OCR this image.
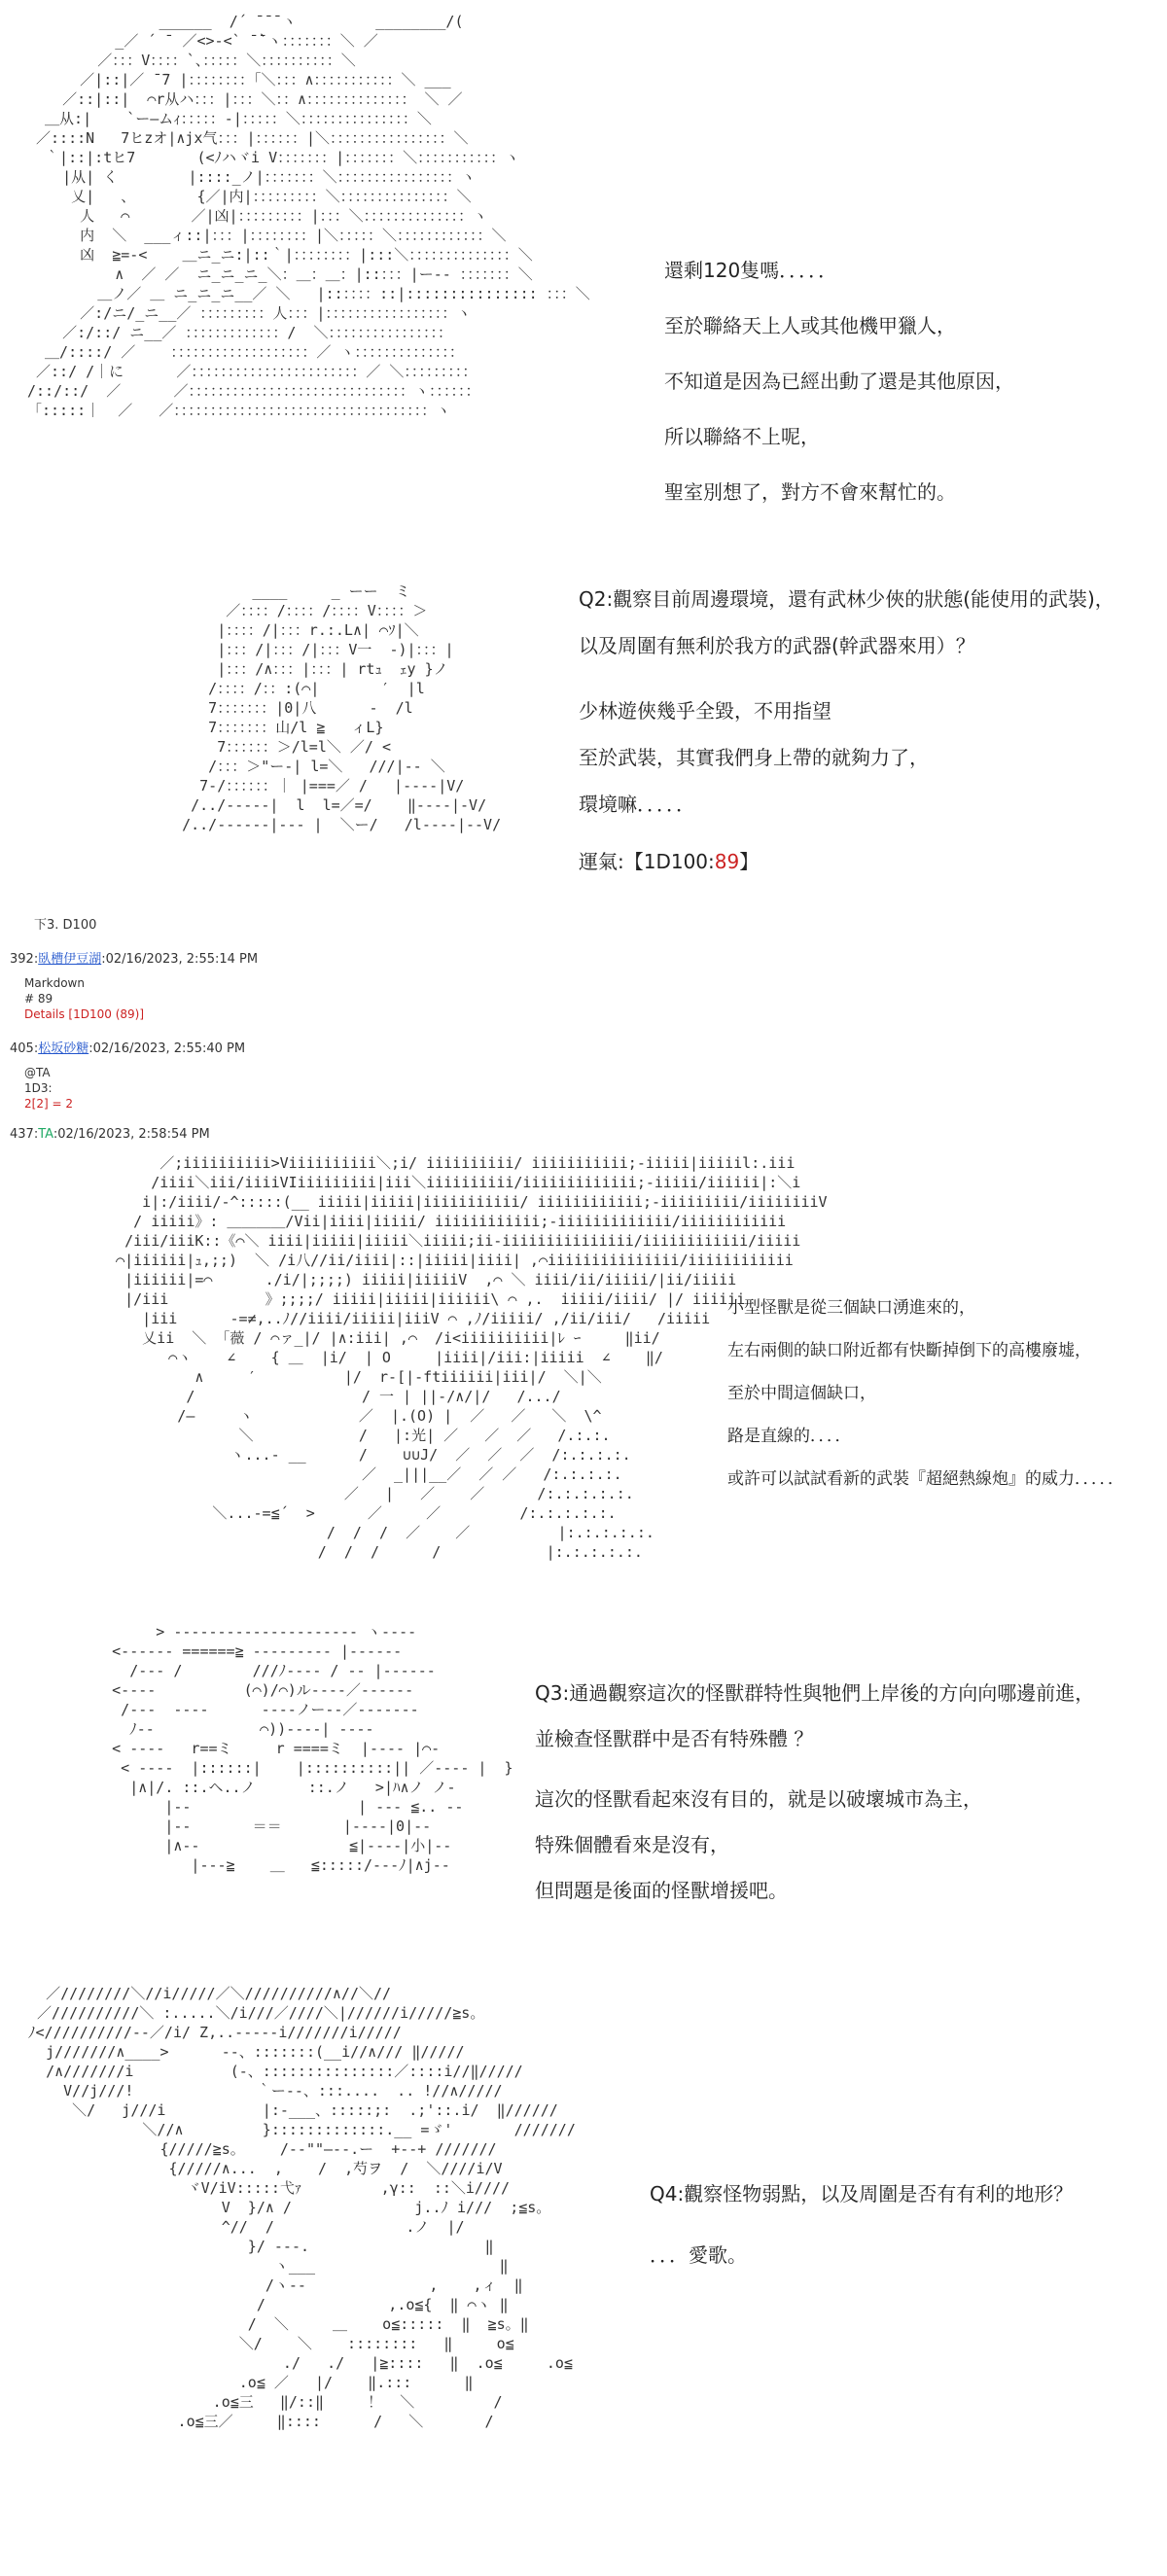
______  /´ ̄ ̄ ̄ ヽ         ________/(
_／ ´ ̄  ／<>-<` ̄ ̄`ヽ：：：：：：：＼ ／
／：：：V：：：：`、：：：：：＼：：：：：：：：：：＼
／|::|／ ̄ ̄7 |：：：：：：：：「＼：：：∧：：：：：：：：：：：＼ ___
／::|::|  ⌒r从ハ：：：|：：：＼：：∧：：：：：：：：：：：：：： ＼ ／
＿从:|    `ー―ムｨ：：：：：-|：：：：：＼：：：：：：：：：：：：：：：＼
／::::N   7ヒzオ|∧jx气：：：|：：：：：：|＼：：：：：：：：：：：：：：：：＼
｀|::|:tヒ7       (<ﾉハヾi V：：：：：：：|：：：：：：：＼：：：：：：：：：：：ヽ
|从| く        |::::_ノ|：：：：：：：＼：：：：：：：：：：：：：：：：ヽ
乂|   、       {／|内|：：：：：：：：：＼：：：：：：：：：：：：：：：＼
人   ⌒       ／|凶|：：：：：：：：：|：：：＼：：：：：：：：：：：：：：ヽ
内  ＼  ___ィ::|：：：|：：：：：：：：|＼：：：：：＼：：：：：：：：：：：：＼
凶  ≧=-<    ＿ニ_ニ:|::｀|：：：：：：：：|:::＼：：：：：：：：：：：：：：＼
∧  ／ ／  ニ_ニ_ニ_＼：＿：＿：|::：：：|ー‐- ：：：：：：：＼
＿ノ／ ＿ ニ_ニ_ニ__／ ＼   |::：：：：::|::::::::::::::: ：：：＼
／:/ニ/_ニ__／ ：：：：：：：：：人：：：|：：：：：：：：：：：：：：：：：ヽ
／:/::/ ニ__／ ：：：：：：：：：：：：：/  ＼：：：：：：：：：：：：：：：：
＿/::::/ ／    ：：：：：：：：：：：：：：：：：：：／ ヽ：：：：：：：：：：：：：：
／::/ /｜に      ／：：：：：：：：：：：：：：：：：：：：：：：／ ＼：：：：：：：：：
/::/::/  ／      ／：：：：：：：：：：：：：：：：：：：：：：：：：：：：：：ヽ：：：：：：
「:::::｜  ／   ／：：：：：：：：：：：：：：：：：：：：：：：：：：：：：：：：：：：ヽ

還剩120隻嗎．．．．．

至於聯絡天上人或其他機甲獵人，

不知道是因為已經出動了還是其他原因，

所以聯絡不上呢，

聖室別想了，對方不會來幫忙的。

____     _ ーー  ミ
／：：：：/：：：：/：：：：V：：：：＞
|：：：：/|：：：r.:.L∧| ⌒ｿ|＼
|：：：/|：：：/|：：：V一  ‐)|：：：|
|：：：/∧：：：|：：：| rtｭ  ｪy }ノ
/：：：：/：：:(⌒|       ′  |l
7：：：：：：：|0|八      -  /l
7：：：：：：：山/l ≧   ィL}
7：：：：：：＞/l=l＼ ／/ <
/：：：＞"ー-| l=＼   ///|-- ＼
7-/：：：：：：｜ |===／ /   |----|V/
/../-----|  l  l=／=/    ‖----|-V/
/../------|--- |  ＼ー/   /l----|--V/

Q2:觀察目前周邊環境，還有武林少俠的狀態(能使用的武裝)，

以及周圍有無利於我方的武器(幹武器來用）？

少林遊俠幾乎全毀，不用指望

至於武裝，其實我們身上帶的就夠力了，

環境嘛．．．．．

運氣:【1D100:89】

下3. D100
392:臥槽伊豆湖:02/16/2023, 2:55:14 PM
Markdown
# 89
Details [1D100 (89)]
405:松坂砂糖:02/16/2023, 2:55:40 PM
@TA
1D3:
2[2] = 2
437:TA:02/16/2023, 2:58:54 PM
／;iiiiiiiiii>Viiiiiiiiii＼;i/ iiiiiiiiii/ iiiiiiiiiii;-iiiii|iiiiil:.iii
/iiii＼iii/iiiiVIiiiiiiiii|iii＼iiiiiiiiii/iiiiiiiiiiiii;-iiiii/iiiiii|:＼i
i|:/iiii/-^:::::(__ iiiii|iiiii|iiiiiiiiiii/ iiiiiiiiiiii;-iiiiiiiii/iiiiiiiiV
/ iiiii》: ＿＿＿＿/Vii|iiii|iiiii/ iiiiiiiiiiii;-iiiiiiiiiiiii/iiiiiiiiiiii
/iii/iiiK::《⌒＼ iiii|iiiii|iiiii＼iiiii;ii-iiiiiiiiiiiiiii/iiiiiiiiiiii/iiiii
⌒|iiiiii|ｭ,;;)  ＼ /i八//ii/iiii|::|iiiii|iiii| ,⌒iiiiiiiiiiiiiii/iiiiiiiiiiii
|iiiiii|=⌒      ./i/|;;;;) iiiii|iiiiiV  ,⌒ ＼ iiii/ii/iiiii/|ii/iiiii
|/iii           》;;;;/ iiiii|iiiii|iiiiii\ ⌒ ,.  iiiii/iiii/ |/ iiiiii
|iii      -=≠,..ﾉ//iiii/iiiii|iiiV ⌒ ,ﾉ/iiiii/ ,/ii/iii/   /iiiii
乂ii  ＼ 「薇 / ⌒ァ_|/ |∧:iii| ,⌒  /i<iiiiiiiiii|ﾚ ｰ     ‖ii/
⌒ヽ    ∠    { ＿  |i/  | O     |iiii|/iii:|iiiii  ∠    ‖/
∧     ′          |/  r-[|-ftiiiiii|iii|/  ＼|＼
/                   / 一 | ||-/∧/|/   /.../
/―     ヽ            ／  |.(O) |  ／   ／   ＼  \^
＼            /   |:光| ／   ／  ／   /.:.:.
ヽ...‐ __      /    ∪∪J/  ／  ／  ／  /:.:.:.:.
／  _|||__／  ／ ／   /:.:.:.:.
／   |   ／    ／      /:.:.:.:.:.
＼...-=≦´  >      ／     ／         /:.:.:.:.:.
/  /  /  ／    ／          |:.:.:.:.:.
/  /  /      /            |:.:.:.:.:.

小型怪獸是從三個缺口湧進來的，

左右兩側的缺口附近都有快斷掉倒下的高樓廢墟，

至於中間這個缺口，

路是直線的．．．．

或許可以試試看新的武裝『超絕熱線炮』的威力．．．．．

> --------------------- ヽ----
<------ ======≧ --------- |------
/--- /        ///ﾉ---- / -- |------
<----          (⌒)/⌒)ル----／------
/---  ----      ----ノー--／-------
ﾉ--            ⌒))----| ----
< ----   r==ミ     r ====ミ  |---- |⌒-
< ----  |::::::|    |::::::::::|| ／---- |  }
|∧|/. ::.ヘ..ノ      ::.ノ   >|ﾊ∧ノ ノ-
|--                   | --- ≦.. --
|--       ＝＝       |----|0|--
|∧--                 ≦|----|小|--
|---≧    ＿   ≦:::::/---ﾉ|∧j--

Q3:通過觀察這次的怪獸群特性與牠們上岸後的方向向哪邊前進，

並檢查怪獸群中是否有特殊體 ？

這次的怪獸看起來沒有目的，就是以破壞城市為主，

特殊個體看來是沒有，

但問題是後面的怪獸增援吧。

／////////＼//i/////／＼//////////∧//＼//
／//////////＼ :.....＼/i///／////＼|//////i/////≧s。
ﾉ<//////////--／/i/ Z,..-----i///////i/////
j///////∧____>      --、:::::::(__i//∧/// ‖/////
/∧///////i           (-、:::::::::::::::／::::i//‖/////
V//j///!              ｀ー--、:::....  .. !//∧/////
＼/   j///i           |:-___、:::::;:  .;'::.i/  ‖//////
＼//∧         }:::::::::::::.__ =ゞ'       ///////
{/////≧s。    /--""—--.ー  +--+ ///////
{/////∧...  ,    /  ,芍ヲ  /  ＼////i/V
ヾV/iV:::::弋ｧ         ,γ::  ::＼i////
V  }/∧ /              j..ﾉ i///  ;≦s。
^//  /               .ノ  |/
}/ ---.                    ‖
ヽ___                     ‖
/ヽ--              ,    ,ィ  ‖
/              ,.o≦{  ‖ ⌒ヽ ‖
/  ＼     ＿    o≦:::::  ‖  ≧s。‖
＼/    ＼    ::::::::   ‖     o≦
./   ./   |≧::::   ‖  .o≦     .o≦
.o≦ ／   |/    ‖.:::      ‖
.o≦三   ‖/::‖     ！  ＼         /
.o≦三／     ‖::::      /   ＼       /

Q4:觀察怪物弱點，以及周圍是否有有利的地形？

．．．愛歌。
